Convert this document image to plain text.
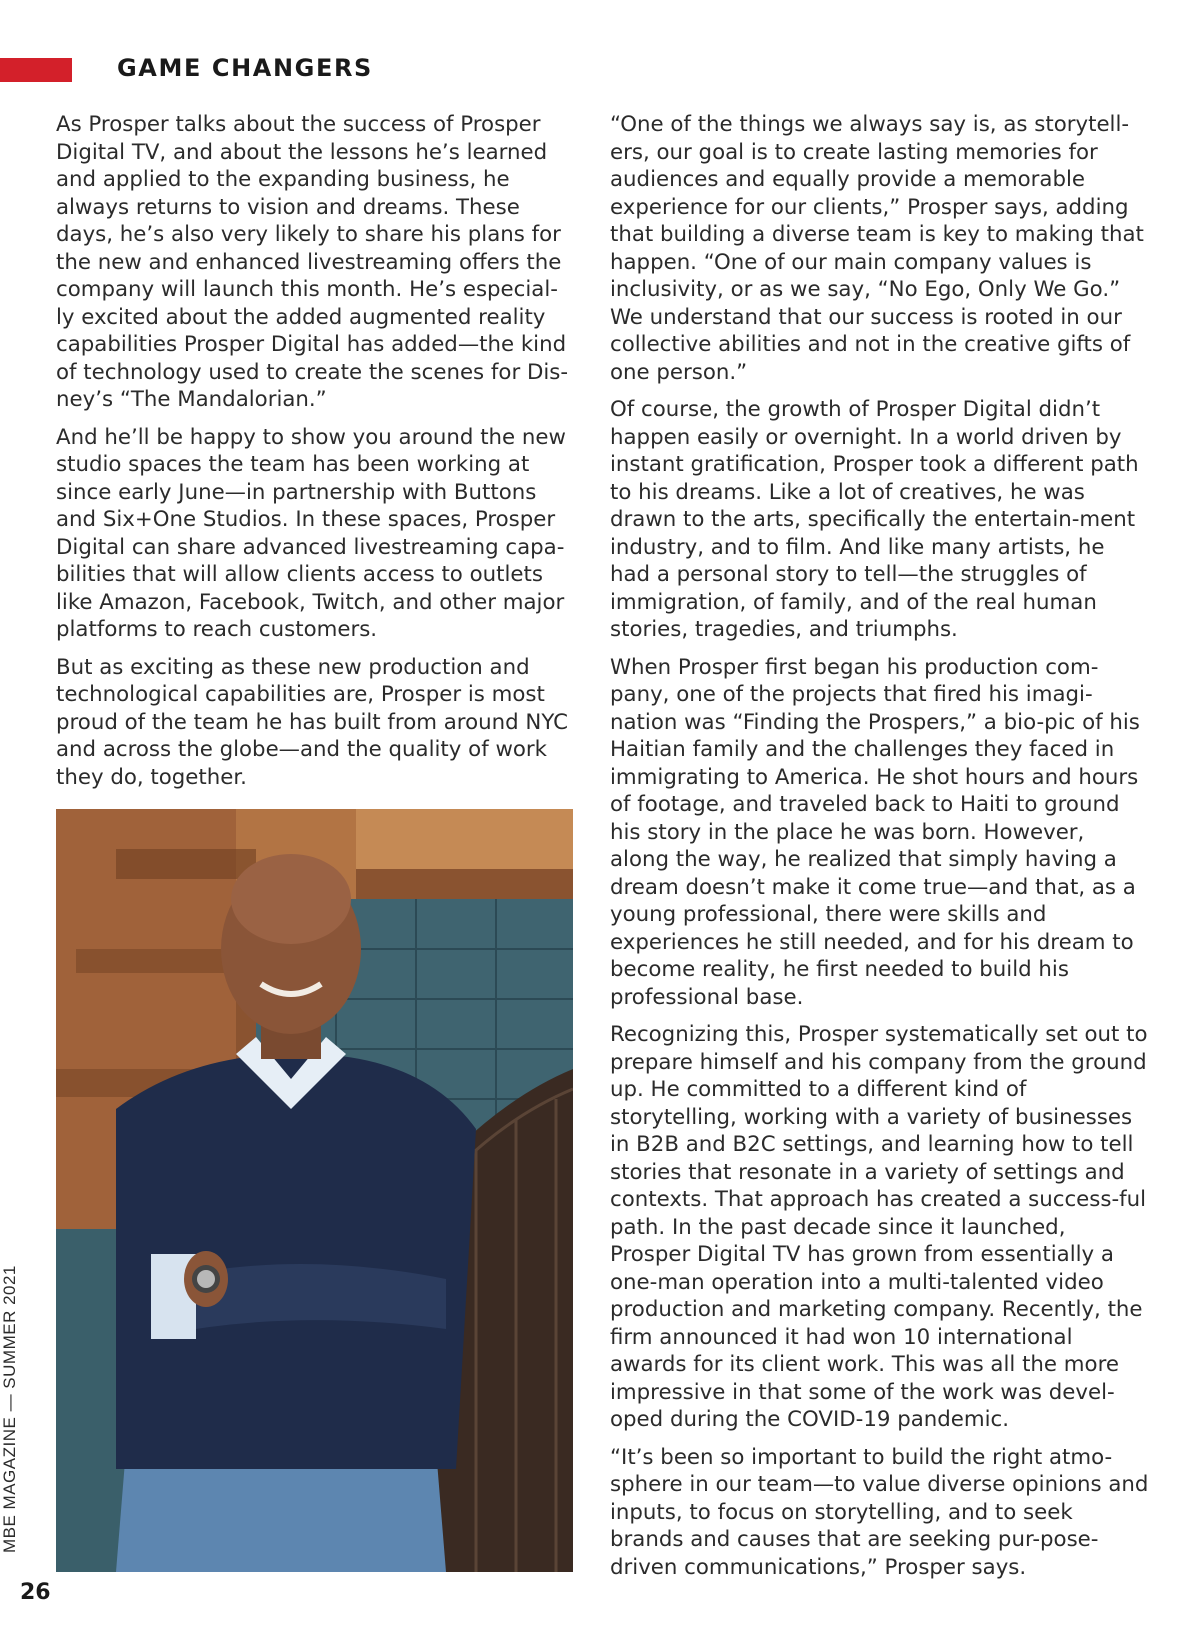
GAME CHANGERS

As Prosper talks about the success of Prosper Digital TV, and about the lessons he’s learned and applied to the expanding business, he always returns to vision and dreams. These days, he’s also very likely to share his plans for the new and enhanced livestreaming offers the company will launch this month. He’s especial-ly excited about the added augmented reality capabilities Prosper Digital has added—the kind of technology used to create the scenes for Dis-ney’s “The Mandalorian.”

And he’ll be happy to show you around the new studio spaces the team has been working at since early June—in partnership with Buttons and Six+One Studios. In these spaces, Prosper Digital can share advanced livestreaming capa-bilities that will allow clients access to outlets like Amazon, Facebook, Twitch, and other major platforms to reach customers.

But as exciting as these new production and technological capabilities are, Prosper is most proud of the team he has built from around NYC and across the globe—and the quality of work they do, together.

“One of the things we always say is, as storytell-ers, our goal is to create lasting memories for audiences and equally provide a memorable experience for our clients,” Prosper says, adding that building a diverse team is key to making that happen. “One of our main company values is inclusivity, or as we say, “No Ego, Only We Go.” We understand that our success is rooted in our collective abilities and not in the creative gifts of one person.”

Of course, the growth of Prosper Digital didn’t happen easily or overnight. In a world driven by instant gratification, Prosper took a different path to his dreams. Like a lot of creatives, he was drawn to the arts, specifically the entertain-ment industry, and to film. And like many artists, he had a personal story to tell—the struggles of immigration, of family, and of the real human stories, tragedies, and triumphs.

When Prosper first began his production com-pany, one of the projects that fired his imagi-nation was “Finding the Prospers,” a bio-pic of his Haitian family and the challenges they faced in immigrating to America. He shot hours and hours of footage, and traveled back to Haiti to ground his story in the place he was born. However, along the way, he realized that simply having a dream doesn’t make it come true—and that, as a young professional, there were skills and experiences he still needed, and for his dream to become reality, he first needed to build his professional base.

Recognizing this, Prosper systematically set out to prepare himself and his company from the ground up. He committed to a different kind of storytelling, working with a variety of businesses in B2B and B2C settings, and learning how to tell stories that resonate in a variety of settings and contexts. That approach has created a success-ful path. In the past decade since it launched, Prosper Digital TV has grown from essentially a one-man operation into a multi-talented video production and marketing company. Recently, the firm announced it had won 10 international awards for its client work. This was all the more impressive in that some of the work was devel-oped during the COVID-19 pandemic.

“It’s been so important to build the right atmo-sphere in our team—to value diverse opinions and inputs, to focus on storytelling, and to seek brands and causes that are seeking pur-pose-driven communications,” Prosper says.

MBE MAGAZINE — SUMMER 2021
26
